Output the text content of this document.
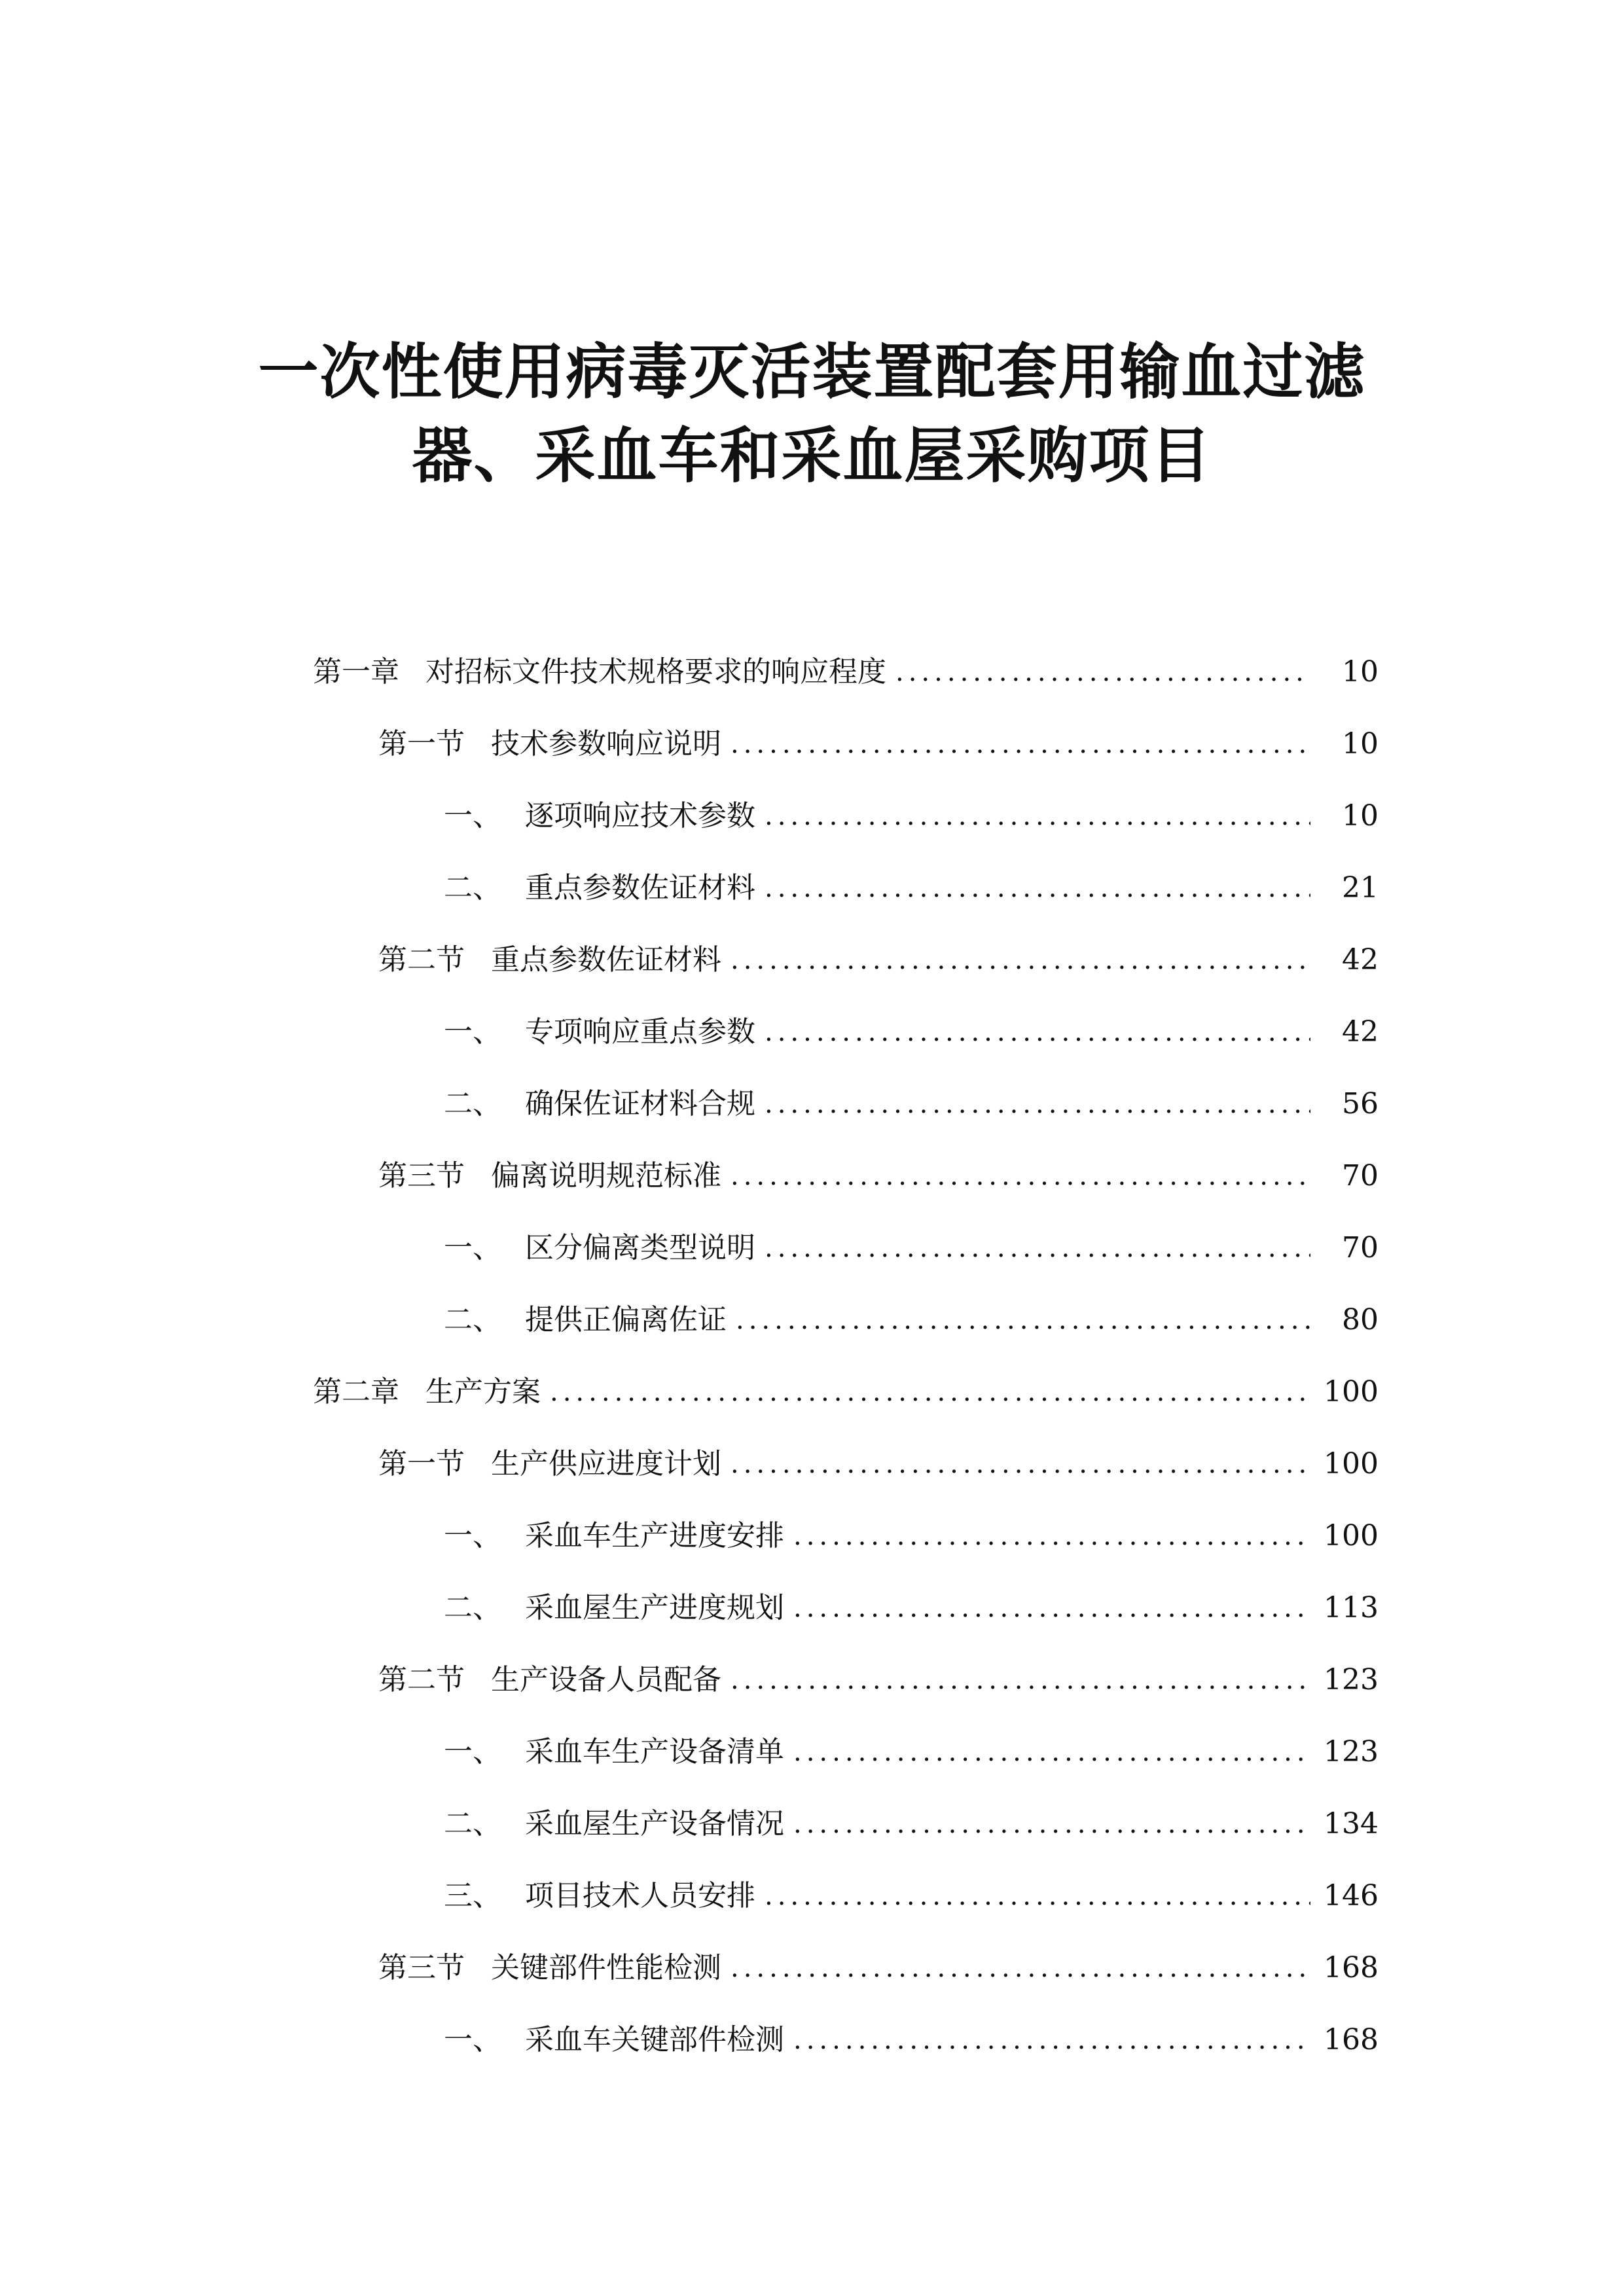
一次性使用病毒灭活装置配套用输血过滤
器、采血车和采血屋采购项目
第一章 对招标文件技术规格要求的响应程度 .....	10
第一节 技术参数响应说明 .....	10
一、 逐项响应技术参数 .....	10
二、 重点参数佐证材料 .....	21
第二节 重点参数佐证材料 .....	42
一、 专项响应重点参数 .....	42
二、 确保佐证材料合规 .....	56
第三节 偏离说明规范标准 .....	70
一、 区分偏离类型说明 .....	70
二、 提供正偏离佐证 .....	80
第二章 生产方案 .....	100
第一节 生产供应进度计划 .....	100
一、 采血车生产进度安排 .....	100
二、 采血屋生产进度规划 .....	113
第二节 生产设备人员配备 .....	123
一、 采血车生产设备清单 .....	123
二、 采血屋生产设备情况 .....	134
三、 项目技术人员安排 .....	146
第三节 关键部件性能检测 .....	168
一、 采血车关键部件检测 .....	168
